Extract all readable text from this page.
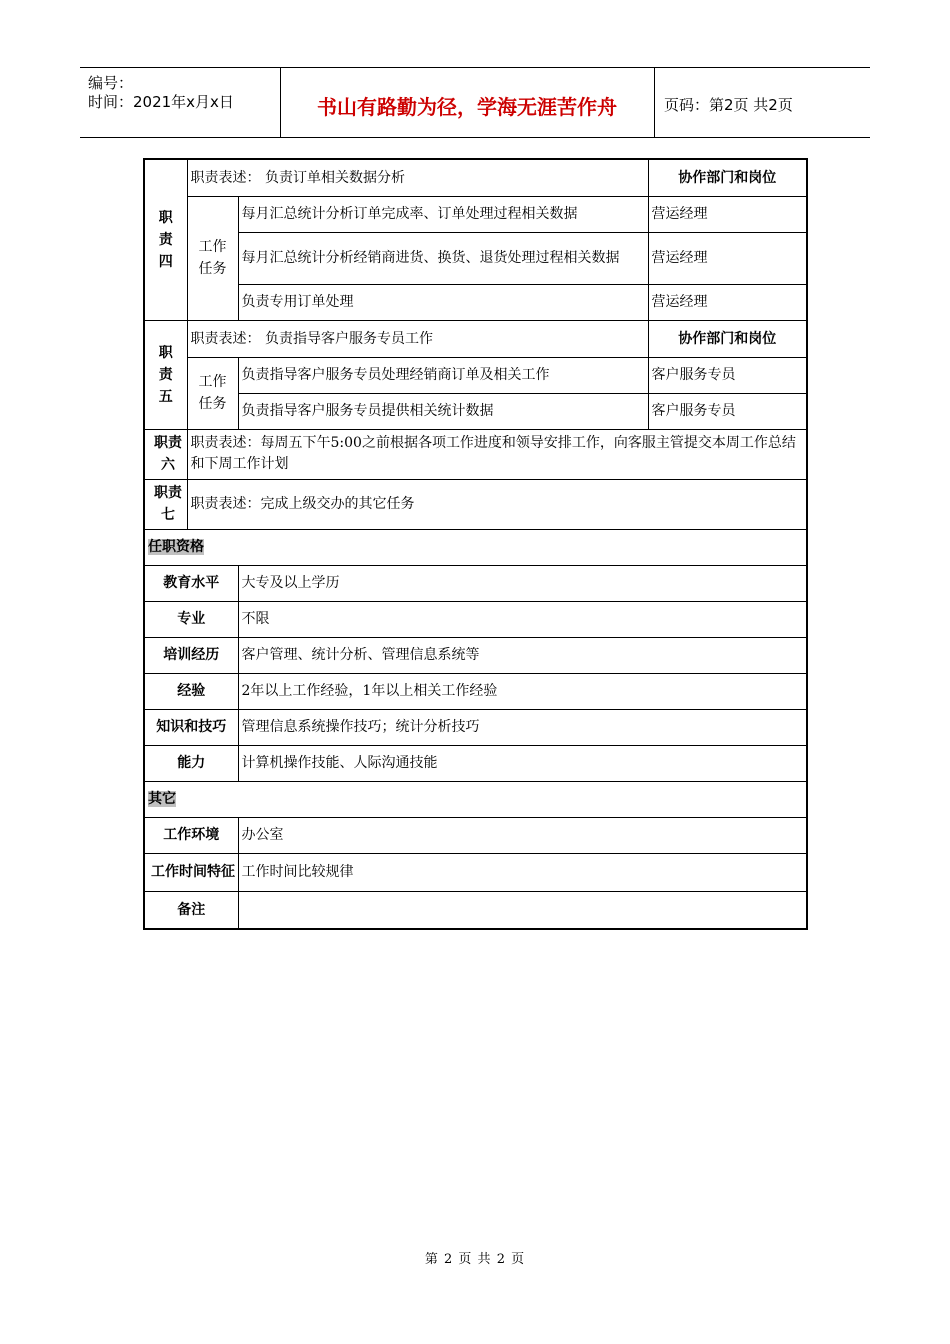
编号：
时间：2021年x月x日	书山有路勤为径，学海无涯苦作舟	页码：第2页 共2页
职责四	职责表述： 负责订单相关数据分析		协作部门和岗位

	工作任务	每月汇总统计分析订单完成率、订单处理过程相关数据	营运经理
		每月汇总统计分析经销商进货、换货、退货处理过程相关数据	营运经理
		负责专用订单处理	营运经理

职责五	职责表述： 负责指导客户服务专员工作		协作部门和岗位

	工作任务	负责指导客户服务专员处理经销商订单及相关工作	客户服务专员
		负责指导客户服务专员提供相关统计数据	客户服务专员

职责六	职责表述：每周五下午5:00之前根据各项工作进度和领导安排工作，向客服主管提交本周工作总结和下周工作计划		

职责七	职责表述：完成上级交办的其它任务		
任职资格			
教育水平		大专及以上学历	
专业		不限	
培训经历		客户管理、统计分析、管理信息系统等	
经验		2年以上工作经验，1年以上相关工作经验	
知识和技巧		管理信息系统操作技巧；统计分析技巧	
能力		计算机操作技能、人际沟通技能	
其它			
工作环境		办公室	

工作时间特征		工作时间比较规律	
备注			
第 2 页 共 2 页
